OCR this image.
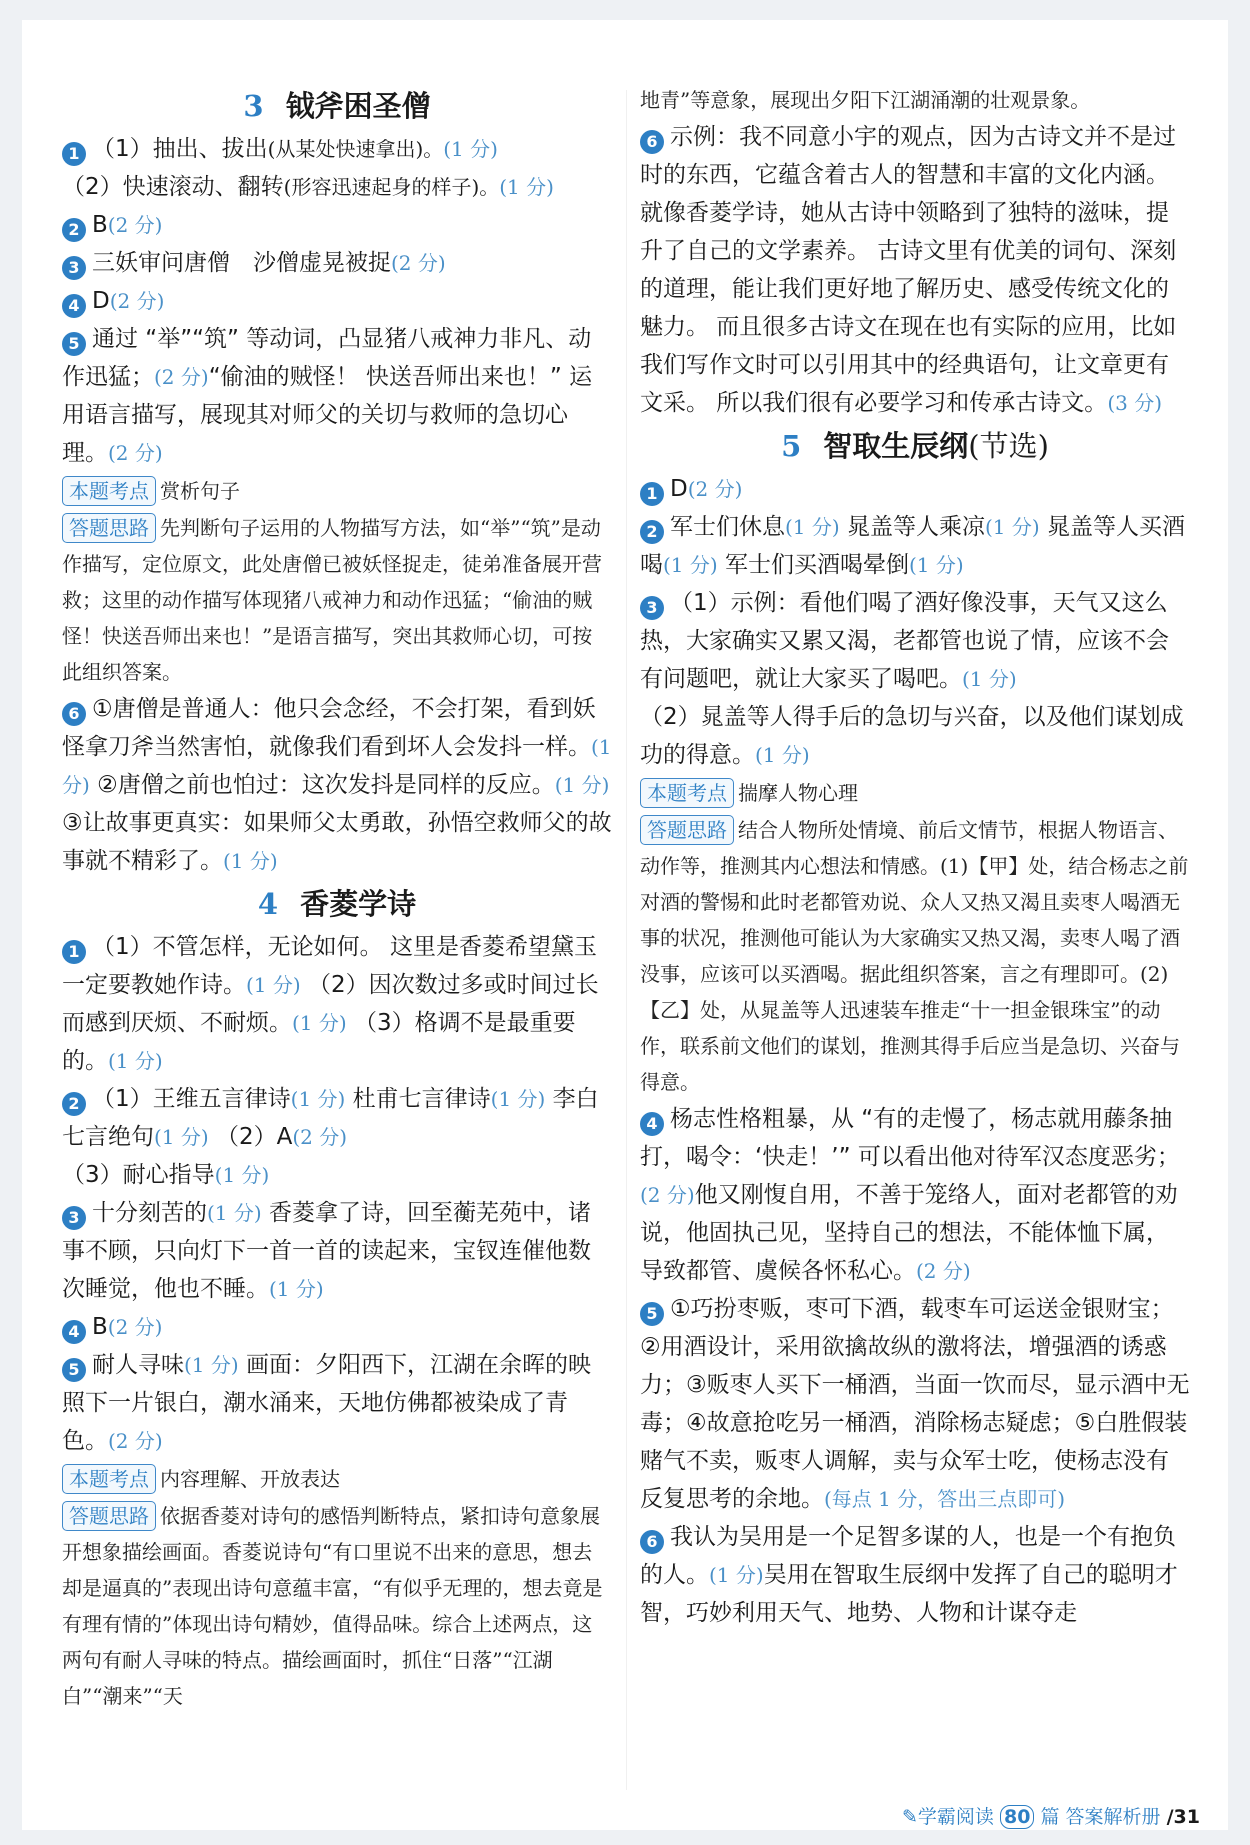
3 钺斧困圣僧

1 （1）抽出、拔出(从某处快速拿出)。(1 分)

（2）快速滚动、翻转(形容迅速起身的样子)。(1 分)

2 B(2 分)

3 三妖审问唐僧　沙僧虚晃被捉(2 分)

4 D(2 分)

5 通过 “举”“筑” 等动词，凸显猪八戒神力非凡、动作迅猛；(2 分)“偷油的贼怪！ 快送吾师出来也！” 运用语言描写，展现其对师父的关切与救师的急切心理。(2 分)

本题考点 赏析句子

答题思路 先判断句子运用的人物描写方法，如“举”“筑”是动作描写，定位原文，此处唐僧已被妖怪捉走，徒弟准备展开营救；这里的动作描写体现猪八戒神力和动作迅猛；“偷油的贼怪！快送吾师出来也！”是语言描写，突出其救师心切，可按此组织答案。

6 ①唐僧是普通人：他只会念经，不会打架，看到妖怪拿刀斧当然害怕，就像我们看到坏人会发抖一样。(1 分) ②唐僧之前也怕过：这次发抖是同样的反应。(1 分) ③让故事更真实：如果师父太勇敢，孙悟空救师父的故事就不精彩了。(1 分)

4 香菱学诗

1 （1）不管怎样，无论如何。 这里是香菱希望黛玉一定要教她作诗。(1 分) （2）因次数过多或时间过长而感到厌烦、不耐烦。(1 分) （3）格调不是最重要的。(1 分)

2 （1）王维五言律诗(1 分) 杜甫七言律诗(1 分) 李白七言绝句(1 分) （2）A(2 分)

（3）耐心指导(1 分)

3 十分刻苦的(1 分) 香菱拿了诗，回至蘅芜苑中，诸事不顾，只向灯下一首一首的读起来，宝钗连催他数次睡觉，他也不睡。(1 分)

4 B(2 分)

5 耐人寻味(1 分) 画面：夕阳西下，江湖在余晖的映照下一片银白，潮水涌来，天地仿佛都被染成了青色。(2 分)

本题考点 内容理解、开放表达

答题思路 依据香菱对诗句的感悟判断特点，紧扣诗句意象展开想象描绘画面。香菱说诗句“有口里说不出来的意思，想去却是逼真的”表现出诗句意蕴丰富，“有似乎无理的，想去竟是有理有情的”体现出诗句精妙，值得品味。综合上述两点，这两句有耐人寻味的特点。描绘画面时，抓住“日落”“江湖白”“潮来”“天

地青”等意象，展现出夕阳下江湖涌潮的壮观景象。

6 示例：我不同意小宇的观点，因为古诗文并不是过时的东西，它蕴含着古人的智慧和丰富的文化内涵。 就像香菱学诗，她从古诗中领略到了独特的滋味，提升了自己的文学素养。 古诗文里有优美的词句、深刻的道理，能让我们更好地了解历史、感受传统文化的魅力。 而且很多古诗文在现在也有实际的应用，比如我们写作文时可以引用其中的经典语句，让文章更有文采。 所以我们很有必要学习和传承古诗文。(3 分)

5 智取生辰纲(节选)

1 D(2 分)

2 军士们休息(1 分) 晁盖等人乘凉(1 分) 晁盖等人买酒喝(1 分) 军士们买酒喝晕倒(1 分)

3 （1）示例：看他们喝了酒好像没事，天气又这么热，大家确实又累又渴，老都管也说了情，应该不会有问题吧，就让大家买了喝吧。(1 分)

（2）晁盖等人得手后的急切与兴奋，以及他们谋划成功的得意。(1 分)

本题考点 揣摩人物心理

答题思路 结合人物所处情境、前后文情节，根据人物语言、动作等，推测其内心想法和情感。(1)【甲】处，结合杨志之前对酒的警惕和此时老都管劝说、众人又热又渴且卖枣人喝酒无事的状况，推测他可能认为大家确实又热又渴，卖枣人喝了酒没事，应该可以买酒喝。据此组织答案，言之有理即可。(2)【乙】处，从晁盖等人迅速装车推走“十一担金银珠宝”的动作，联系前文他们的谋划，推测其得手后应当是急切、兴奋与得意。

4 杨志性格粗暴，从 “有的走慢了，杨志就用藤条抽打，喝令：‘快走！’” 可以看出他对待军汉态度恶劣；(2 分)他又刚愎自用，不善于笼络人，面对老都管的劝说，他固执己见，坚持自己的想法，不能体恤下属，导致都管、虞候各怀私心。(2 分)

5 ①巧扮枣贩，枣可下酒，载枣车可运送金银财宝；②用酒设计，采用欲擒故纵的激将法，增强酒的诱惑力；③贩枣人买下一桶酒，当面一饮而尽，显示酒中无毒；④故意抢吃另一桶酒，消除杨志疑虑；⑤白胜假装赌气不卖，贩枣人调解，卖与众军士吃，使杨志没有反复思考的余地。(每点 1 分，答出三点即可)

6 我认为吴用是一个足智多谋的人，也是一个有抱负的人。(1 分)吴用在智取生辰纲中发挥了自己的聪明才智，巧妙利用天气、地势、人物和计谋夺走

✎学霸阅读 80 篇 答案解析册 /31
